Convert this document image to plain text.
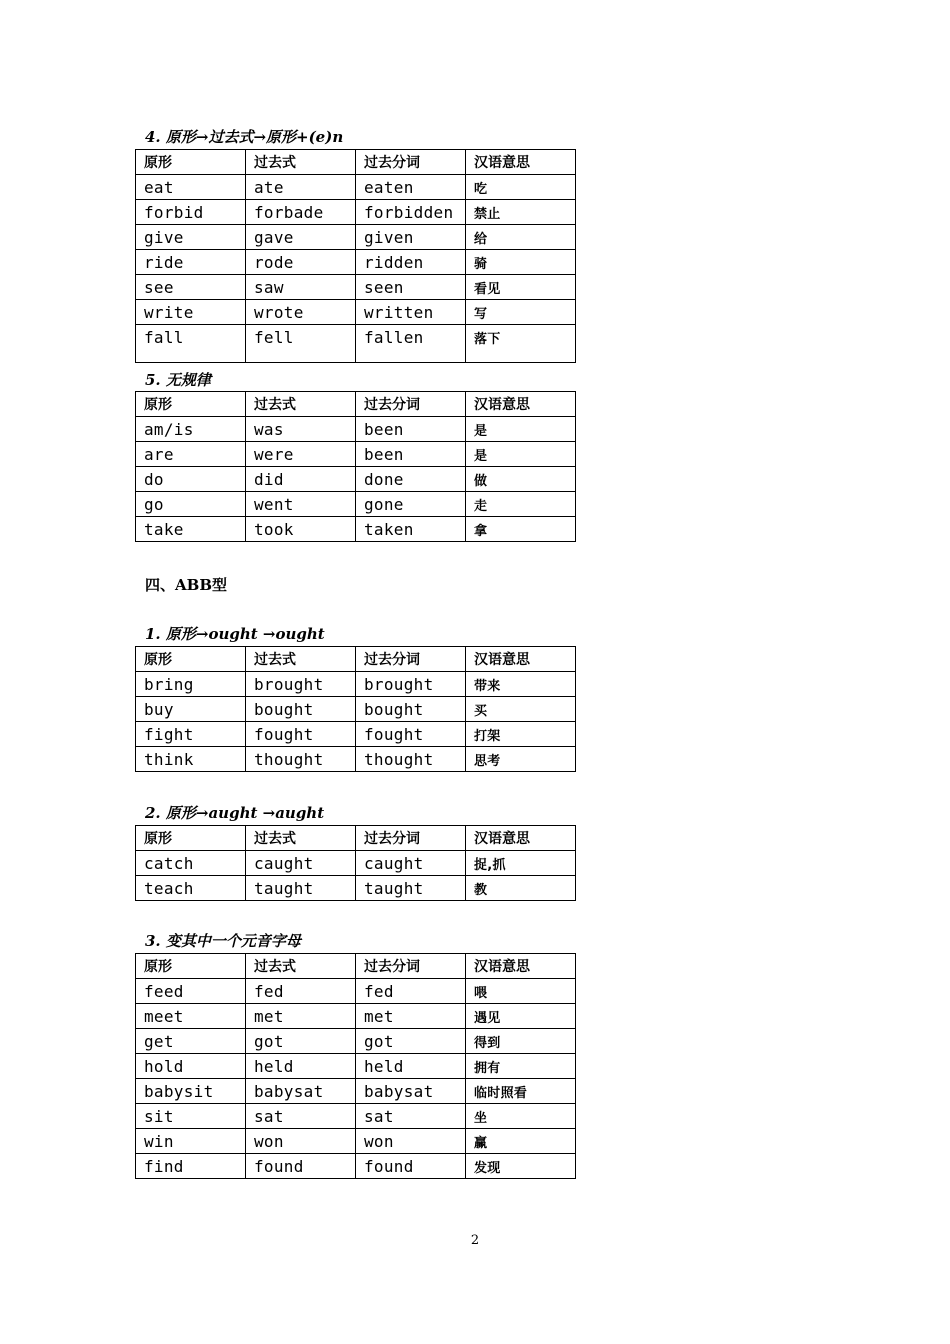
4. 原形→过去式→原形+(e)n
原形	过去式	过去分词	汉语意思
eat	ate	eaten	吃
forbid	forbade	forbidden	禁止
give	gave	given	给
ride	rode	ridden	骑
see	saw	seen	看见
write	wrote	written	写
fall	fell	fallen	落下
5. 无规律
原形	过去式	过去分词	汉语意思
am/is	was	been	是
are	were	been	是
do	did	done	做
go	went	gone	走
take	took	taken	拿
四、ABB型
1. 原形→ought →ought
原形	过去式	过去分词	汉语意思
bring	brought	brought	带来
buy	bought	bought	买
fight	fought	fought	打架
think	thought	thought	思考
2. 原形→aught →aught
原形	过去式	过去分词	汉语意思
catch	caught	caught	捉,抓
teach	taught	taught	教
3. 变其中一个元音字母
原形	过去式	过去分词	汉语意思
feed	fed	fed	喂
meet	met	met	遇见
get	got	got	得到
hold	held	held	拥有
babysit	babysat	babysat	临时照看
sit	sat	sat	坐
win	won	won	赢
find	found	found	发现
2
